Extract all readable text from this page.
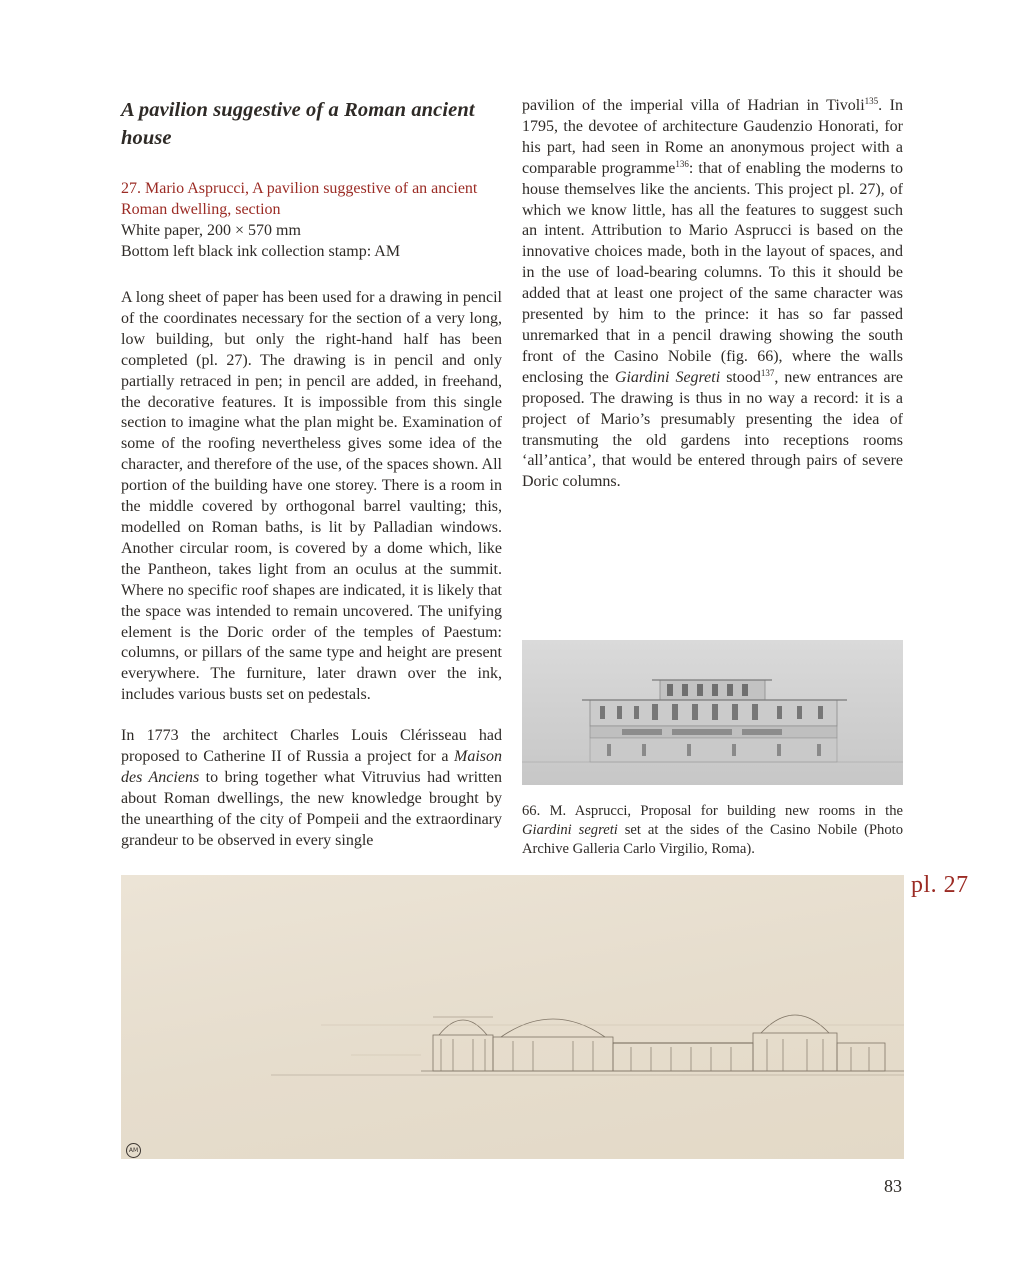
A pavilion suggestive of a Roman ancient house

27. Mario Asprucci, A pavilion suggestive of an ancient Roman dwelling, section

White paper, 200 × 570 mm

Bottom left black ink collection stamp: AM

A long sheet of paper has been used for a drawing in pencil of the coordinates necessary for the section of a very long, low building, but only the right-hand half has been completed (pl. 27). The drawing is in pencil and only partially retraced in pen; in pencil are added, in freehand, the decorative features. It is impossible from this single section to imagine what the plan might be. Examination of some of the roofing nevertheless gives some idea of the character, and therefore of the use, of the spaces shown. All portion of the building have one storey. There is a room in the middle covered by orthogonal barrel vaulting; this, modelled on Roman baths, is lit by Palladian windows. Another circular room, is covered by a dome which, like the Pantheon, takes light from an oculus at the summit. Where no specific roof shapes are indicated, it is likely that the space was intended to remain uncovered. The unifying element is the Doric order of the temples of Paestum: columns, or pillars of the same type and height are present everywhere. The furniture, later drawn over the ink, includes various busts set on pedestals.

In 1773 the architect Charles Louis Clérisseau had proposed to Catherine II of Russia a project for a Maison des Anciens to bring together what Vitruvius had written about Roman dwellings, the new knowledge brought by the unearthing of the city of Pompeii and the extraordinary grandeur to be observed in every single

pavilion of the imperial villa of Hadrian in Tivoli$^{135}$. In 1795, the devotee of architecture Gaudenzio Honorati, for his part, had seen in Rome an anonymous project with a comparable programme$^{136}$: that of enabling the moderns to house themselves like the ancients. This project pl. 27), of which we know little, has all the features to suggest such an intent. Attribution to Mario Asprucci is based on the innovative choices made, both in the layout of spaces, and in the use of load-bearing columns. To this it should be added that at least one project of the same character was presented by him to the prince: it has so far passed unremarked that in a pencil drawing showing the south front of the Casino Nobile (fig. 66), where the walls enclosing the Giardini Segreti stood$^{137}$, new entrances are proposed. The drawing is thus in no way a record: it is a project of Mario’s presumably presenting the idea of transmuting the old gardens into receptions rooms ‘all’antica’, that would be entered through pairs of severe Doric columns.

66. M. Asprucci, Proposal for building new rooms in the Giardini segreti set at the sides of the Casino Nobile (Photo Archive Galleria Carlo Virgilio, Roma).

AM
pl. 27
83
